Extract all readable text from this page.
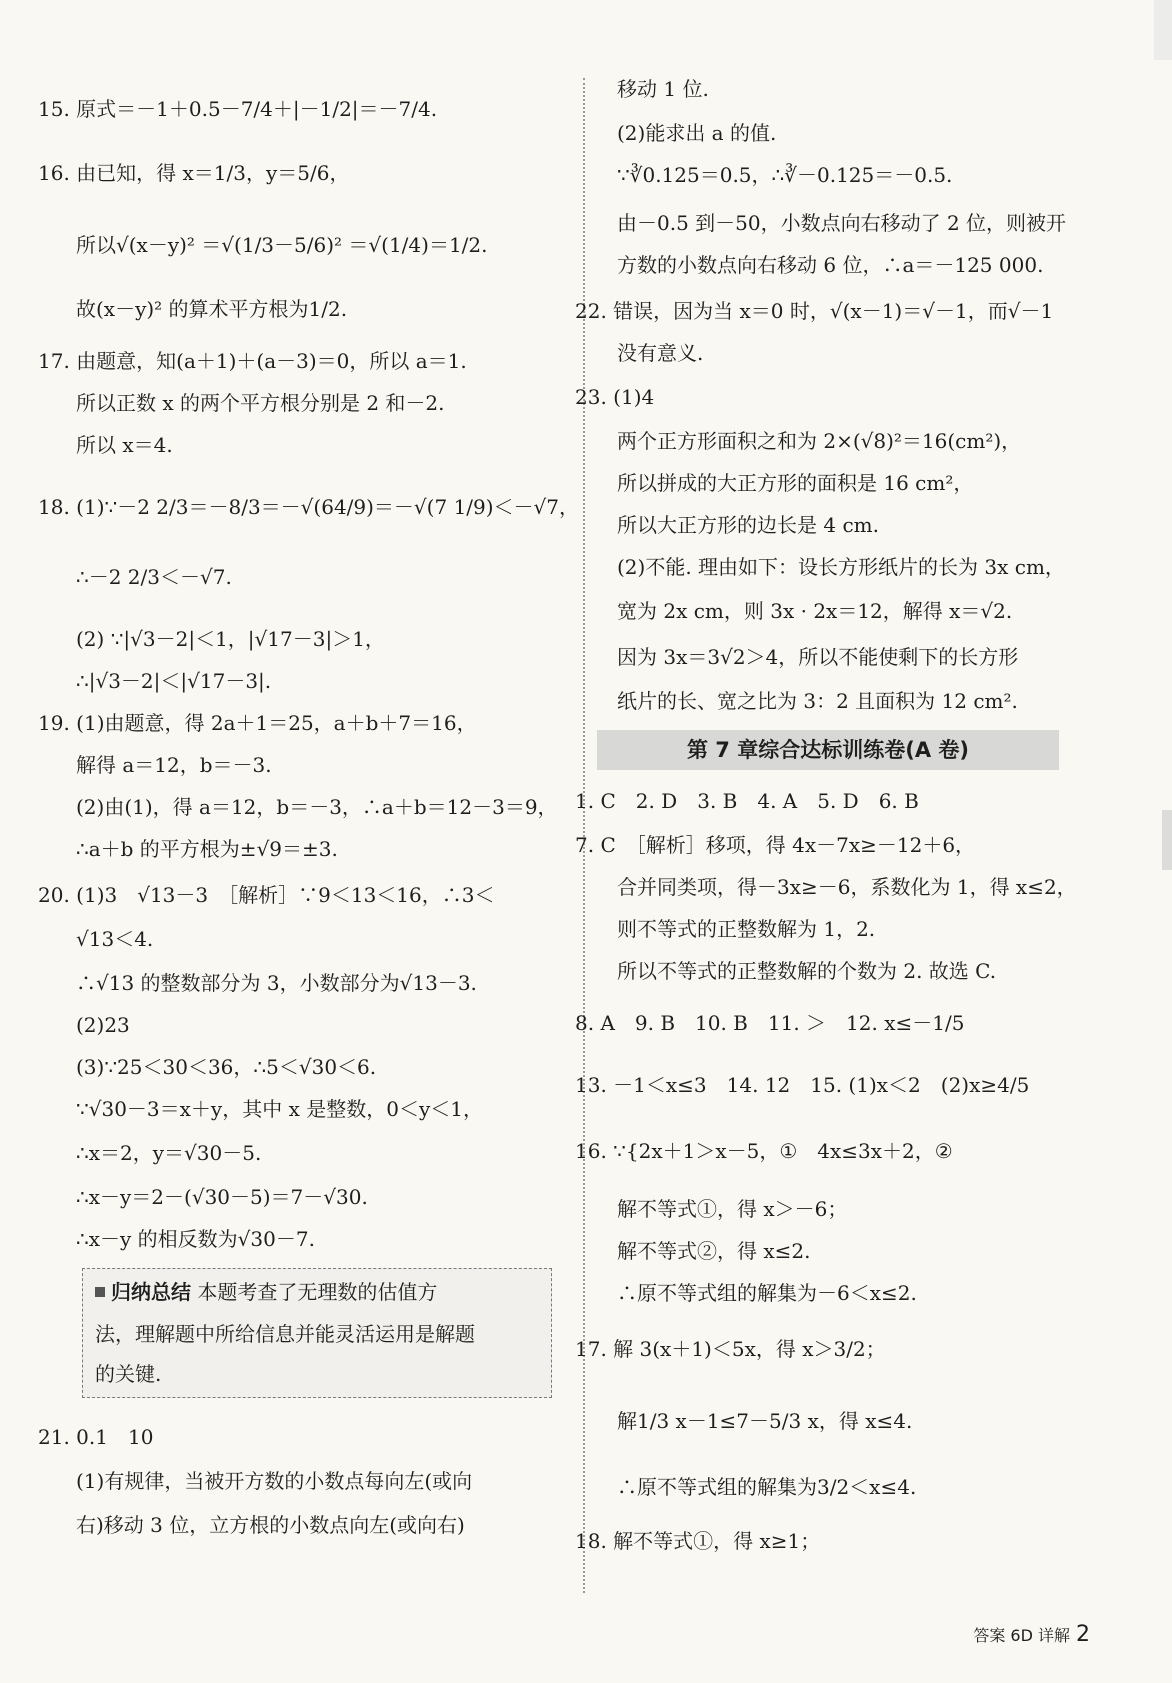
15. 原式＝－1＋0.5－7/4＋|－1/2|＝－7/4.
16. 由已知，得 x＝1/3，y＝5/6，
所以√(x－y)² ＝√(1/3－5/6)² ＝√(1/4)＝1/2.
故(x－y)² 的算术平方根为1/2.
17. 由题意，知(a＋1)＋(a－3)＝0，所以 a＝1.
所以正数 x 的两个平方根分别是 2 和－2.
所以 x＝4.
18. (1)∵－2 2/3＝－8/3＝－√(64/9)＝－√(7 1/9)＜－√7，
∴－2 2/3＜－√7.
(2) ∵|√3－2|＜1，|√17－3|＞1，
∴|√3－2|＜|√17－3|.
19. (1)由题意，得 2a＋1＝25，a＋b＋7＝16，
解得 a＝12，b＝－3.
(2)由(1)，得 a＝12，b＝－3，∴a＋b＝12－3＝9，
∴a＋b 的平方根为±√9＝±3.
20. (1)3　√13－3　［解析］∵9＜13＜16，∴3＜
√13＜4.
∴√13 的整数部分为 3，小数部分为√13－3.
(2)23
(3)∵25＜30＜36，∴5＜√30＜6.
∵√30－3＝x＋y，其中 x 是整数，0＜y＜1，
∴x＝2，y＝√30－5.
∴x－y＝2－(√30－5)＝7－√30.
∴x－y 的相反数为√30－7.
归纳总结 本题考查了无理数的估值方
法，理解题中所给信息并能灵活运用是解题
的关键.
21. 0.1　10
(1)有规律，当被开方数的小数点每向左(或向
右)移动 3 位，立方根的小数点向左(或向右)
移动 1 位.
(2)能求出 a 的值.
∵∛0.125＝0.5，∴∛－0.125＝－0.5.
由－0.5 到－50，小数点向右移动了 2 位，则被开
方数的小数点向右移动 6 位，∴a＝－125 000.
22. 错误，因为当 x＝0 时，√(x－1)＝√－1，而√－1
没有意义.
23. (1)4
两个正方形面积之和为 2×(√8)²＝16(cm²)，
所以拼成的大正方形的面积是 16 cm²，
所以大正方形的边长是 4 cm.
(2)不能. 理由如下：设长方形纸片的长为 3x cm，
宽为 2x cm，则 3x · 2x＝12，解得 x＝√2.
因为 3x＝3√2＞4，所以不能使剩下的长方形
纸片的长、宽之比为 3：2 且面积为 12 cm².
第 7 章综合达标训练卷(A 卷)
1. C　2. D　3. B　4. A　5. D　6. B
7. C　［解析］移项，得 4x－7x≥－12＋6，
合并同类项，得－3x≥－6，系数化为 1，得 x≤2，
则不等式的正整数解为 1，2.
所以不等式的正整数解的个数为 2. 故选 C.
8. A　9. B　10. B　11. ＞　12. x≤－1/5
13. －1＜x≤3　14. 12　15. (1)x＜2　(2)x≥4/5
16. ∵{2x＋1＞x－5，①　4x≤3x＋2，②
解不等式①，得 x＞－6；
解不等式②，得 x≤2.
∴原不等式组的解集为－6＜x≤2.
17. 解 3(x＋1)＜5x，得 x＞3/2；
解1/3 x－1≤7－5/3 x，得 x≤4.
∴原不等式组的解集为3/2＜x≤4.
18. 解不等式①，得 x≥1；
答案 6D 详解 2
